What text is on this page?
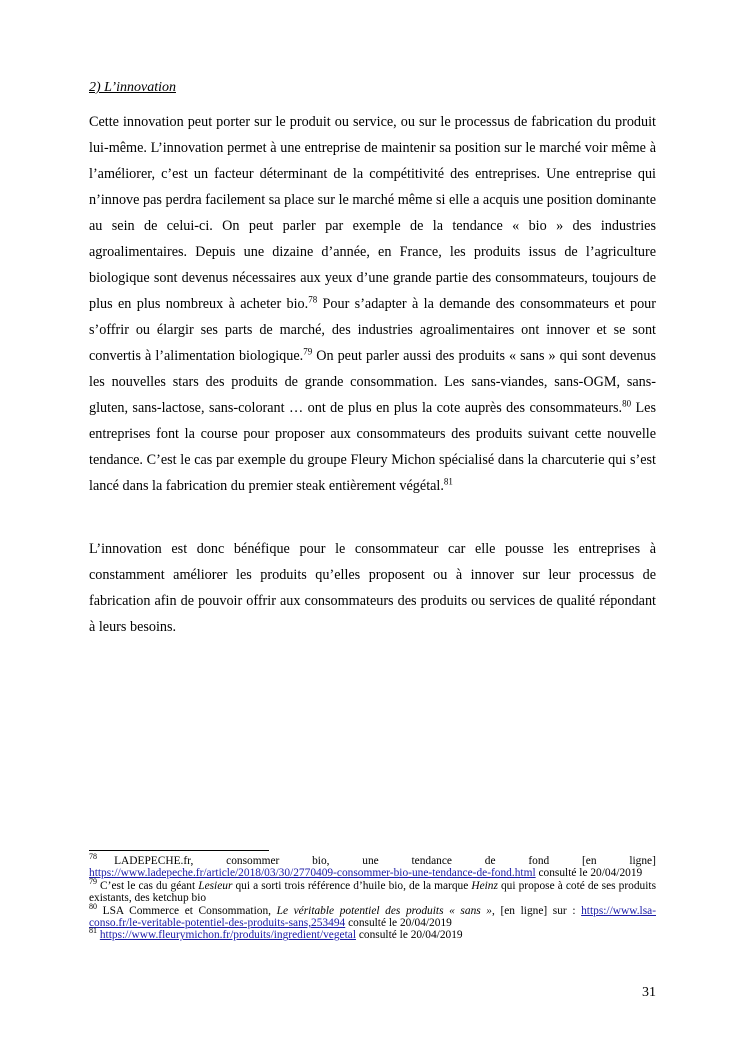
2) L’innovation

Cette innovation peut porter sur le produit ou service, ou sur le processus de fabrication du produit lui-même. L’innovation permet à une entreprise de maintenir sa position sur le marché voir même à l’améliorer, c’est un facteur déterminant de la compétitivité des entreprises. Une entreprise qui n’innove pas perdra facilement sa place sur le marché même si elle a acquis une position dominante au sein de celui-ci. On peut parler par exemple de la tendance « bio » des industries agroalimentaires. Depuis une dizaine d’année, en France, les produits issus de l’agriculture biologique sont devenus nécessaires aux yeux d’une grande partie des consommateurs, toujours de plus en plus nombreux à acheter bio.$^{78}$ Pour s’adapter à la demande des consommateurs et pour s’offrir ou élargir ses parts de marché, des industries agroalimentaires ont innover et se sont convertis à l’alimentation biologique.$^{79}$ On peut parler aussi des produits « sans » qui sont devenus les nouvelles stars des produits de grande consommation. Les sans-viandes, sans-OGM, sans-gluten, sans-lactose, sans-colorant … ont de plus en plus la cote auprès des consommateurs.$^{80}$ Les entreprises font la course pour proposer aux consommateurs des produits suivant cette nouvelle tendance. C’est le cas par exemple du groupe Fleury Michon spécialisé dans la charcuterie qui s’est lancé dans la fabrication du premier steak entièrement végétal.$^{81}$

L’innovation est donc bénéfique pour le consommateur car elle pousse les entreprises à constamment améliorer les produits qu’elles proposent ou à innover sur leur processus de fabrication afin de pouvoir offrir aux consommateurs des produits ou services de qualité répondant à leurs besoins.

$^{78}$ LADEPECHE.fr,	consommer	bio,	une	tendance	de	fond	[en	ligne]
https://www.ladepeche.fr/article/2018/03/30/2770409-consommer-bio-une-tendance-de-fond.html consulté le 20/04/2019

$^{79}$ C’est le cas du géant Lesieur qui a sorti trois référence d’huile bio, de la marque Heinz qui propose à coté de ses produits existants, des ketchup bio

$^{80}$ LSA Commerce et Consommation, Le véritable potentiel des produits « sans », [en ligne] sur : https://www.lsa-conso.fr/le-veritable-potentiel-des-produits-sans,253494 consulté le 20/04/2019

$^{81}$ https://www.fleurymichon.fr/produits/ingredient/vegetal consulté le 20/04/2019

31
